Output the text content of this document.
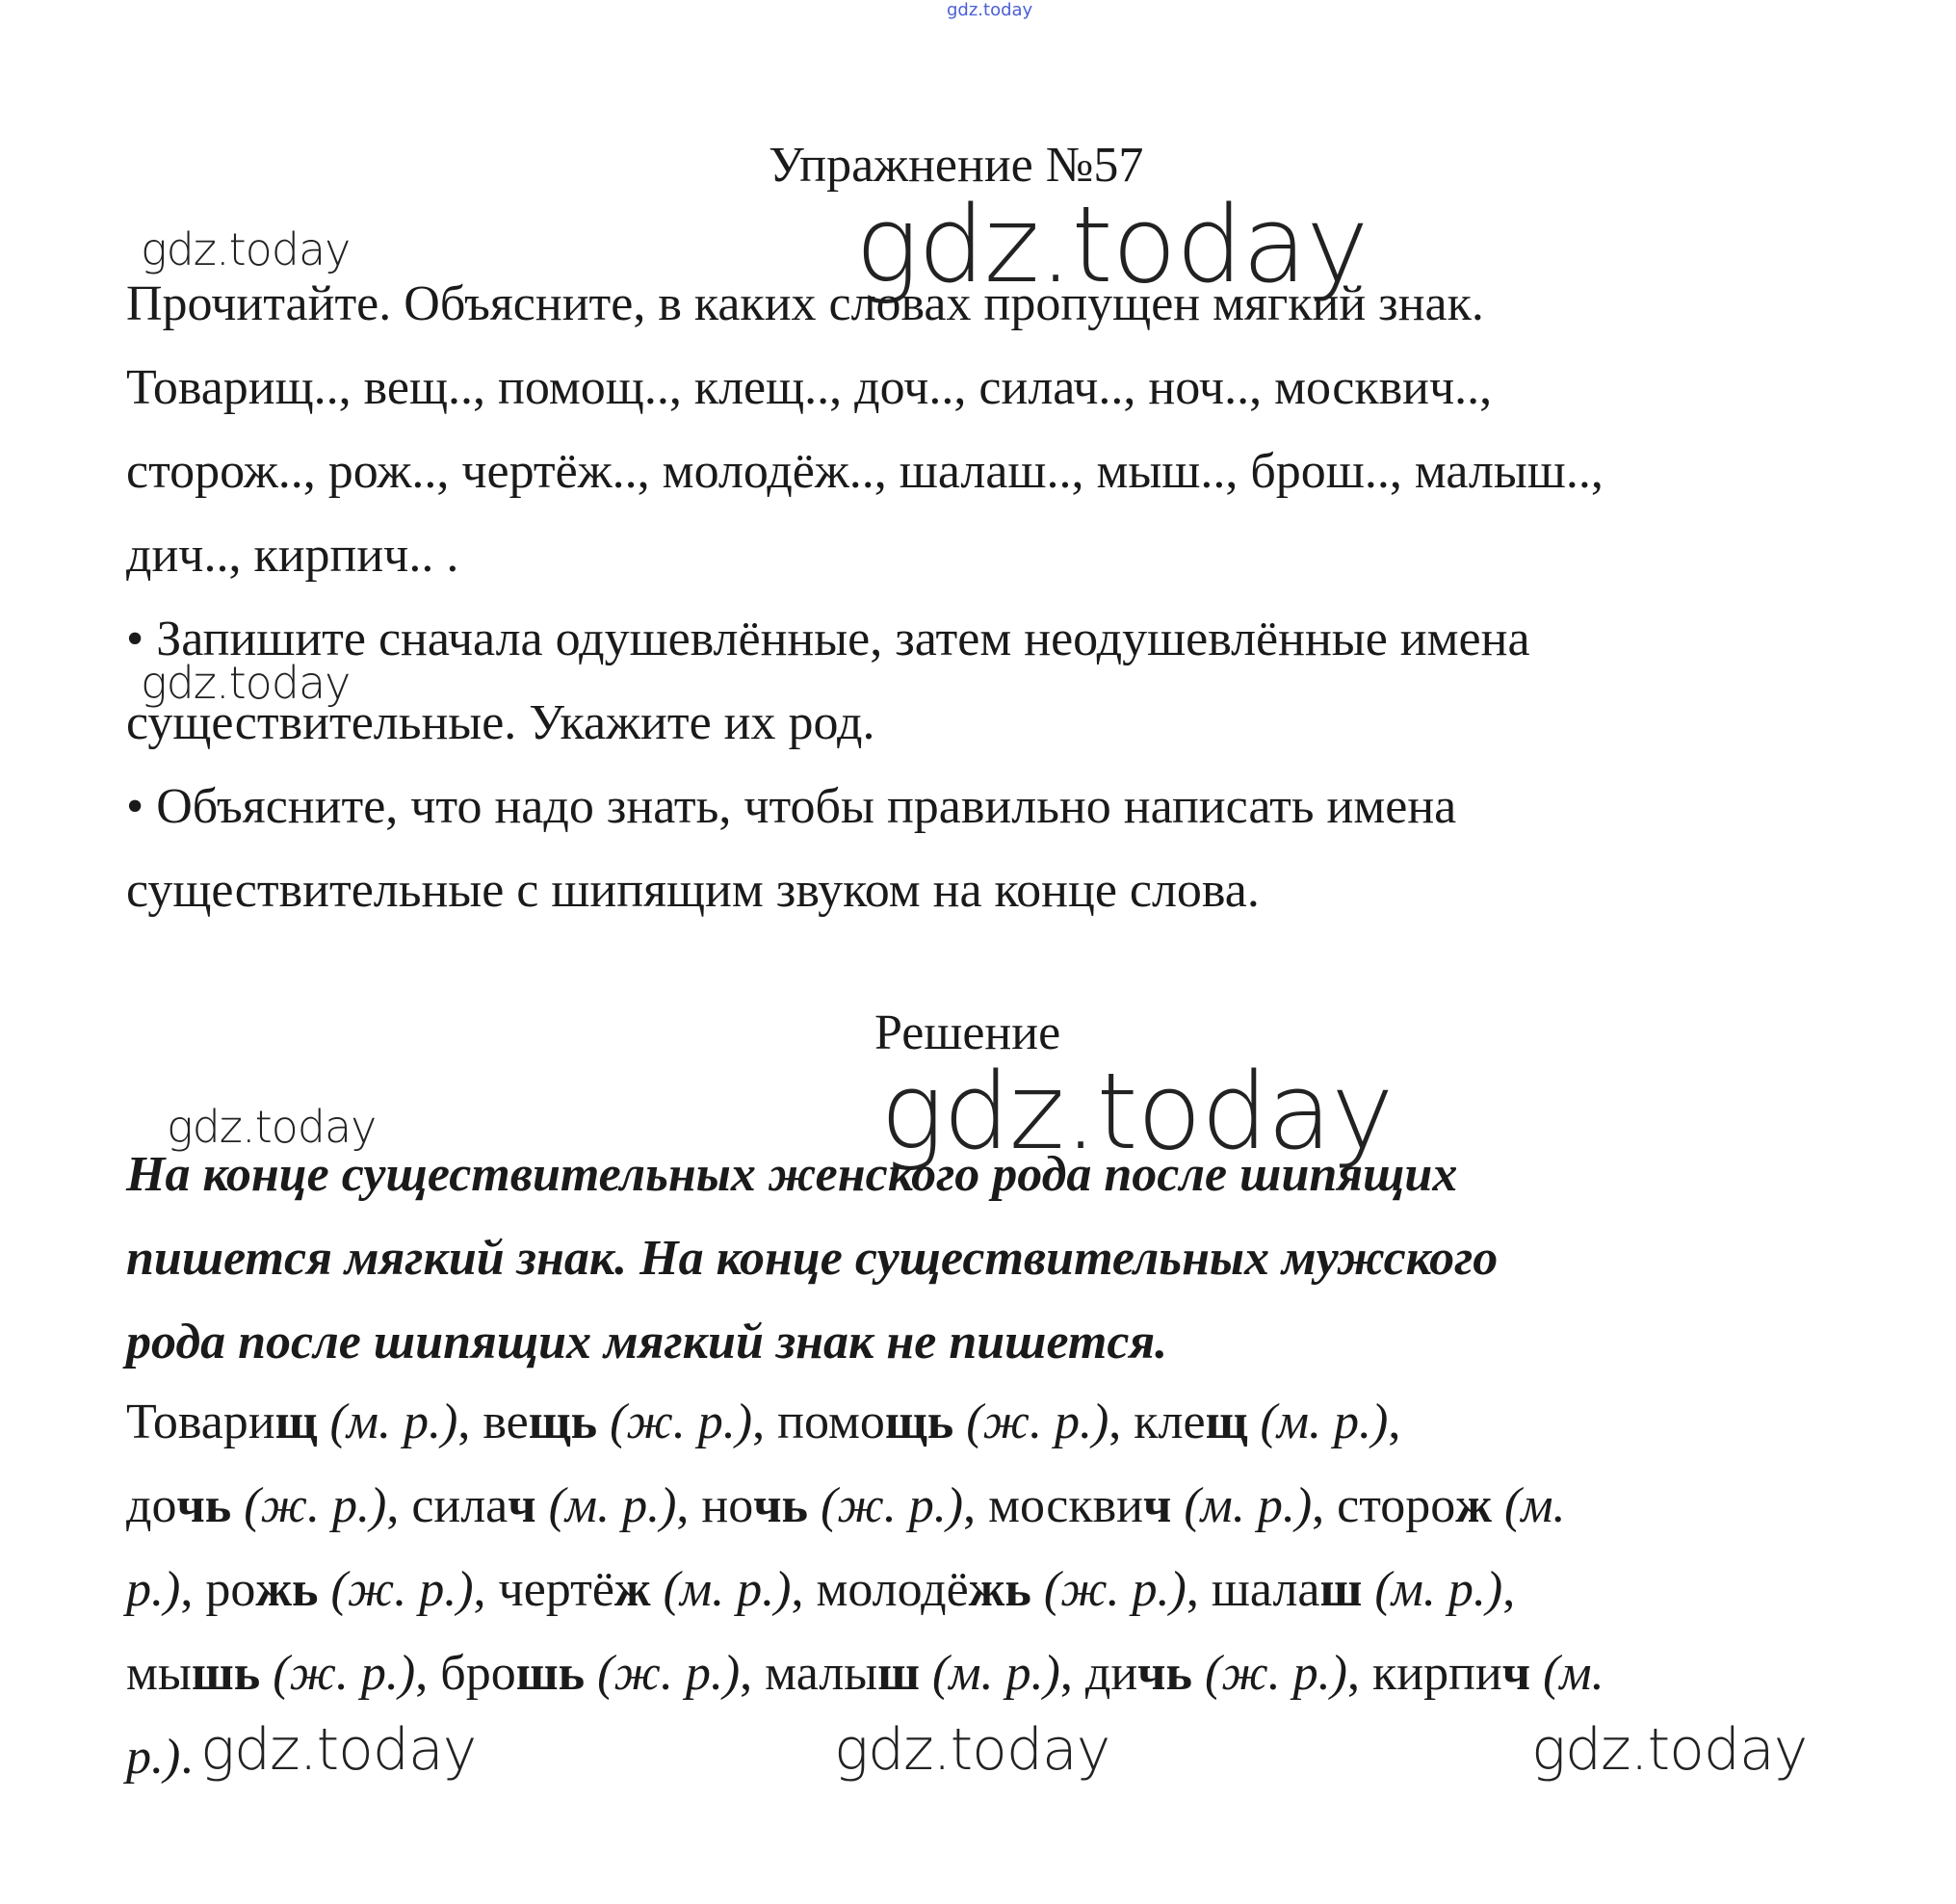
gdz.today
Упражнение №57
gdz.today
gdz.today
Прочитайте. Объясните, в каких словах пропущен мягкий знак.
Товарищ.., вещ.., помощ.., клещ.., доч.., силач.., ноч.., москвич..,
сторож.., рож.., чертёж.., молодёж.., шалаш.., мыш.., брош.., малыш..,
дич.., кирпич.. .
• Запишите сначала одушевлённые, затем неодушевлённые имена
gdz.today
существительные. Укажите их род.
• Объясните, что надо знать, чтобы правильно написать имена
существительные с шипящим звуком на конце слова.
Решение
gdz.today
gdz.today
На конце существительных женского рода после шипящих
пишется мягкий знак. На конце существительных мужского
рода после шипящих мягкий знак не пишется.
Товарищ (м. р.), вещь (ж. р.), помощь (ж. р.), клещ (м. р.),
дочь (ж. р.), силач (м. р.), ночь (ж. р.), москвич (м. р.), сторож (м.
р.), рожь (ж. р.), чертёж (м. р.), молодёжь (ж. р.), шалаш (м. р.),
мышь (ж. р.), брошь (ж. р.), малыш (м. р.), дичь (ж. р.), кирпич (м.
р.). gdz.today	gdz.today	gdz.today
